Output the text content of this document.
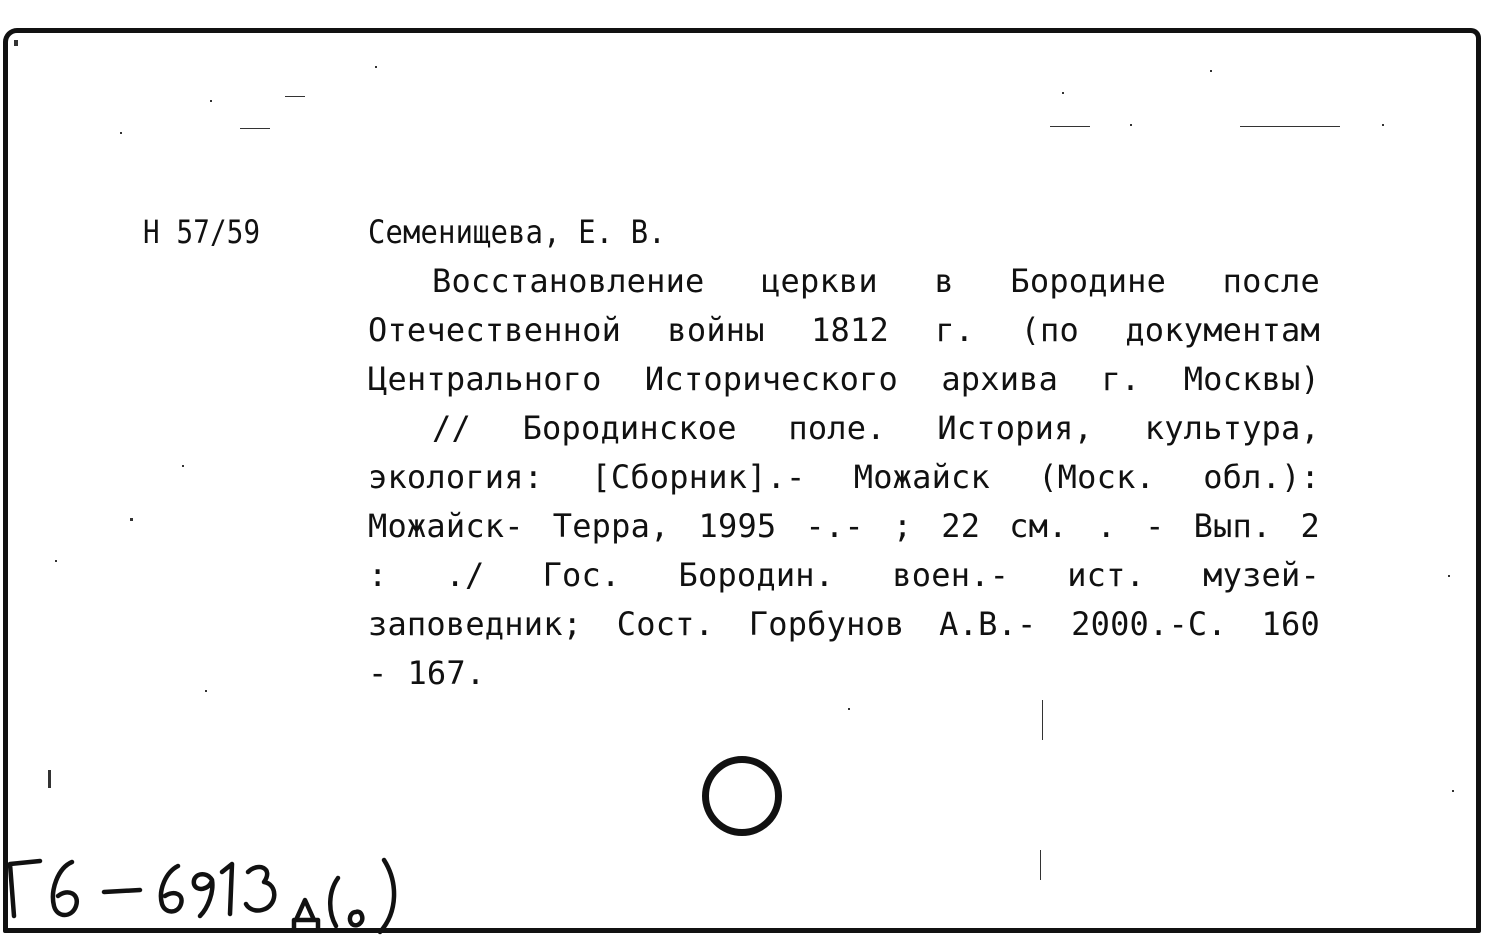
Н 57/59	Семенищева, Е. В.
Восстановление церкви в Бородине после
Отечественной войны 1812 г. (по документам
Центрального Исторического архива г. Москвы)
// Бородинское поле. История, культура,
экология: [Сборник].- Можайск (Моск. обл.):
Можайск- Терра, 1995 -.- ; 22 см. . - Вып. 2
: ./ Гос. Бородин. воен.- ист. музей-
заповедник; Сост. Горбунов А.В.- 2000.-С. 160
- 167.
